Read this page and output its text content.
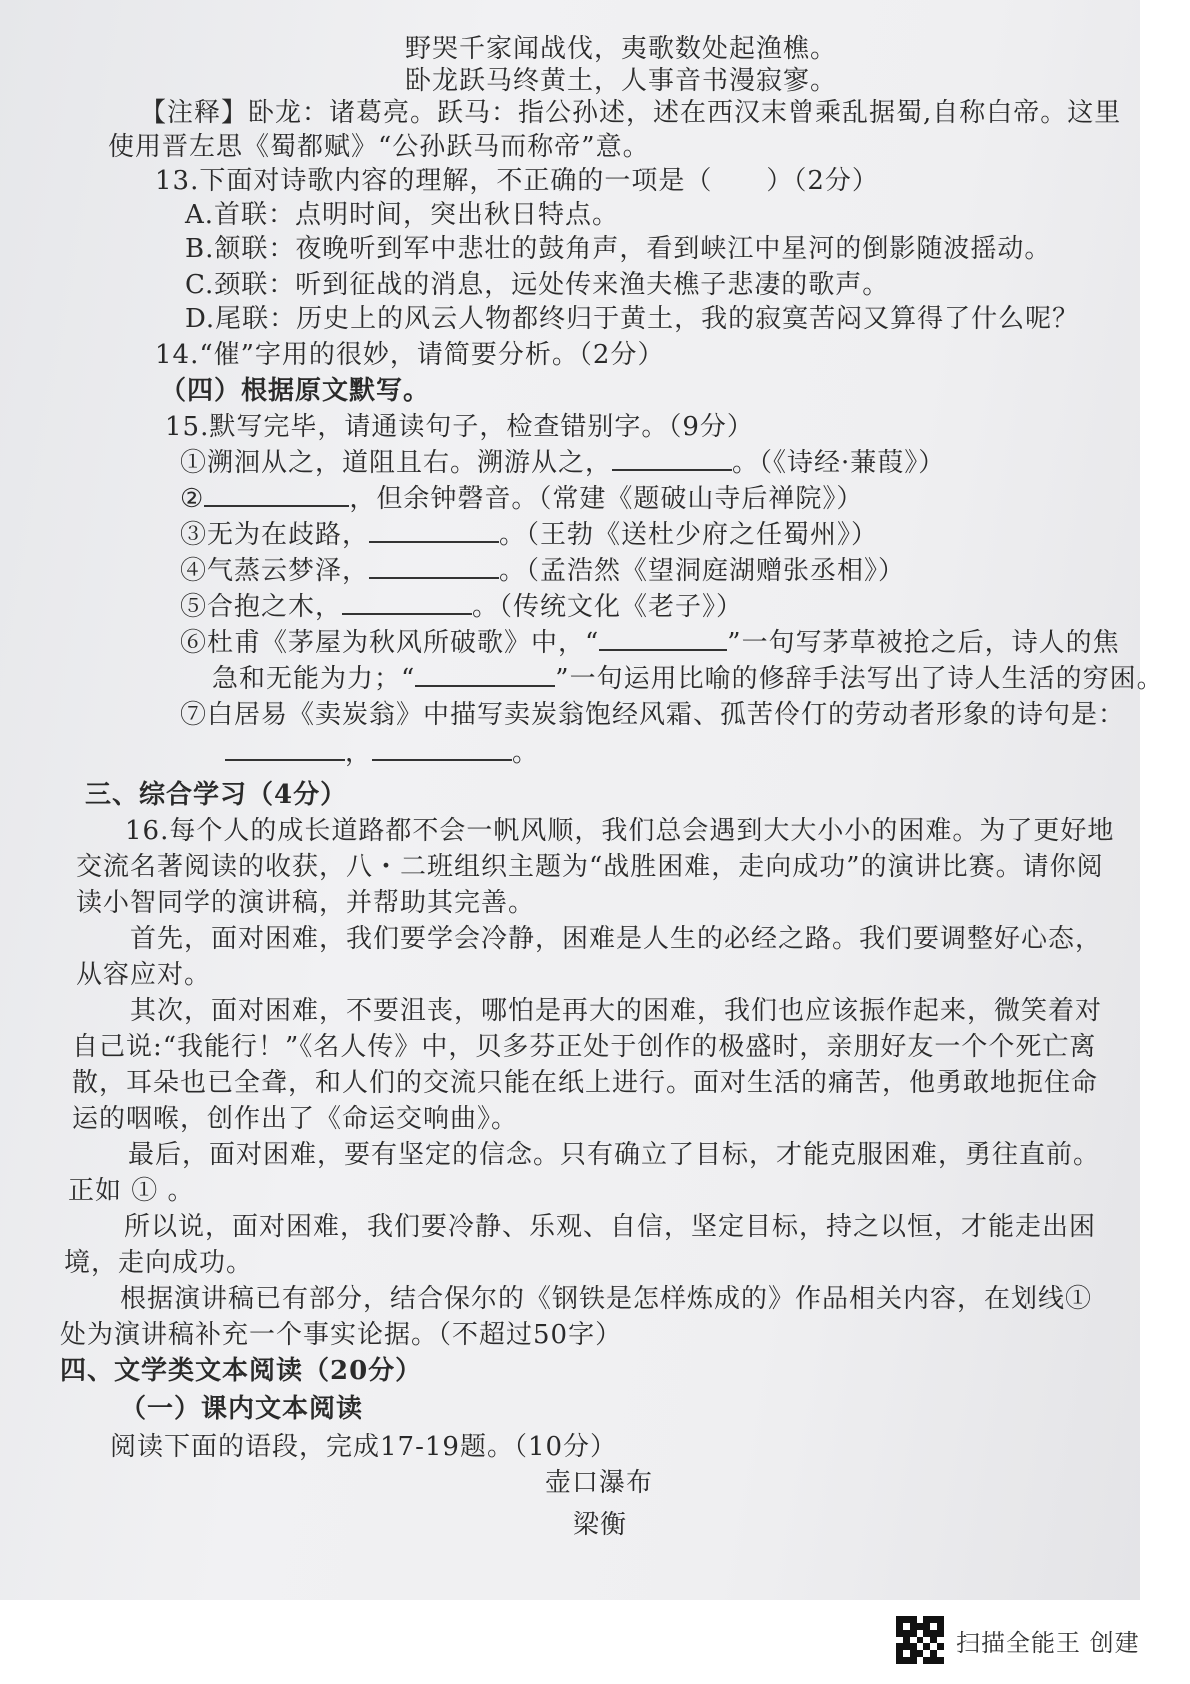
野哭千家闻战伐，夷歌数处起渔樵。
卧龙跃马终黄土，人事音书漫寂寥。
【注释】卧龙：诸葛亮。跃马：指公孙述，述在西汉末曾乘乱据蜀,自称白帝。这里
使用晋左思《蜀都赋》“公孙跃马而称帝”意。
13.下面对诗歌内容的理解，不正确的一项是（　　）（2分）
A.首联：点明时间，突出秋日特点。
B.颔联：夜晚听到军中悲壮的鼓角声，看到峡江中星河的倒影随波摇动。
C.颈联：听到征战的消息，远处传来渔夫樵子悲凄的歌声。
D.尾联：历史上的风云人物都终归于黄土，我的寂寞苦闷又算得了什么呢？
14.“催”字用的很妙，请简要分析。（2分）
（四）根据原文默写。
15.默写完毕，请通读句子，检查错别字。（9分）
①溯洄从之，道阻且右。溯游从之，	。（《诗经·蒹葭》）
②	，但余钟磬音。（常建《题破山寺后禅院》）
③无为在歧路，	。（王勃《送杜少府之任蜀州》）
④气蒸云梦泽，	。（孟浩然《望洞庭湖赠张丞相》）
⑤合抱之木，	。（传统文化《老子》）
⑥杜甫《茅屋为秋风所破歌》中，“	”一句写茅草被抢之后，诗人的焦
急和无能为力；“	”一句运用比喻的修辞手法写出了诗人生活的穷困。
⑦白居易《卖炭翁》中描写卖炭翁饱经风霜、孤苦伶仃的劳动者形象的诗句是：
，	。
三、综合学习（4分）
16.每个人的成长道路都不会一帆风顺，我们总会遇到大大小小的困难。为了更好地
交流名著阅读的收获，八・二班组织主题为“战胜困难，走向成功”的演讲比赛。请你阅
读小智同学的演讲稿，并帮助其完善。
首先，面对困难，我们要学会冷静，困难是人生的必经之路。我们要调整好心态，
从容应对。
其次，面对困难，不要沮丧，哪怕是再大的困难，我们也应该振作起来，微笑着对
自己说:“我能行！”《名人传》中，贝多芬正处于创作的极盛时，亲朋好友一个个死亡离
散，耳朵也已全聋，和人们的交流只能在纸上进行。面对生活的痛苦，他勇敢地扼住命
运的咽喉，创作出了《命运交响曲》。
最后，面对困难，要有坚定的信念。只有确立了目标，才能克服困难，勇往直前。
正如 ① 。
所以说，面对困难，我们要冷静、乐观、自信，坚定目标，持之以恒，才能走出困
境，走向成功。
根据演讲稿已有部分，结合保尔的《钢铁是怎样炼成的》作品相关内容，在划线①
处为演讲稿补充一个事实论据。（不超过50字）
四、文学类文本阅读（20分）
（一）课内文本阅读
阅读下面的语段，完成17-19题。（10分）
壶口瀑布
梁衡
扫描全能王 创建
